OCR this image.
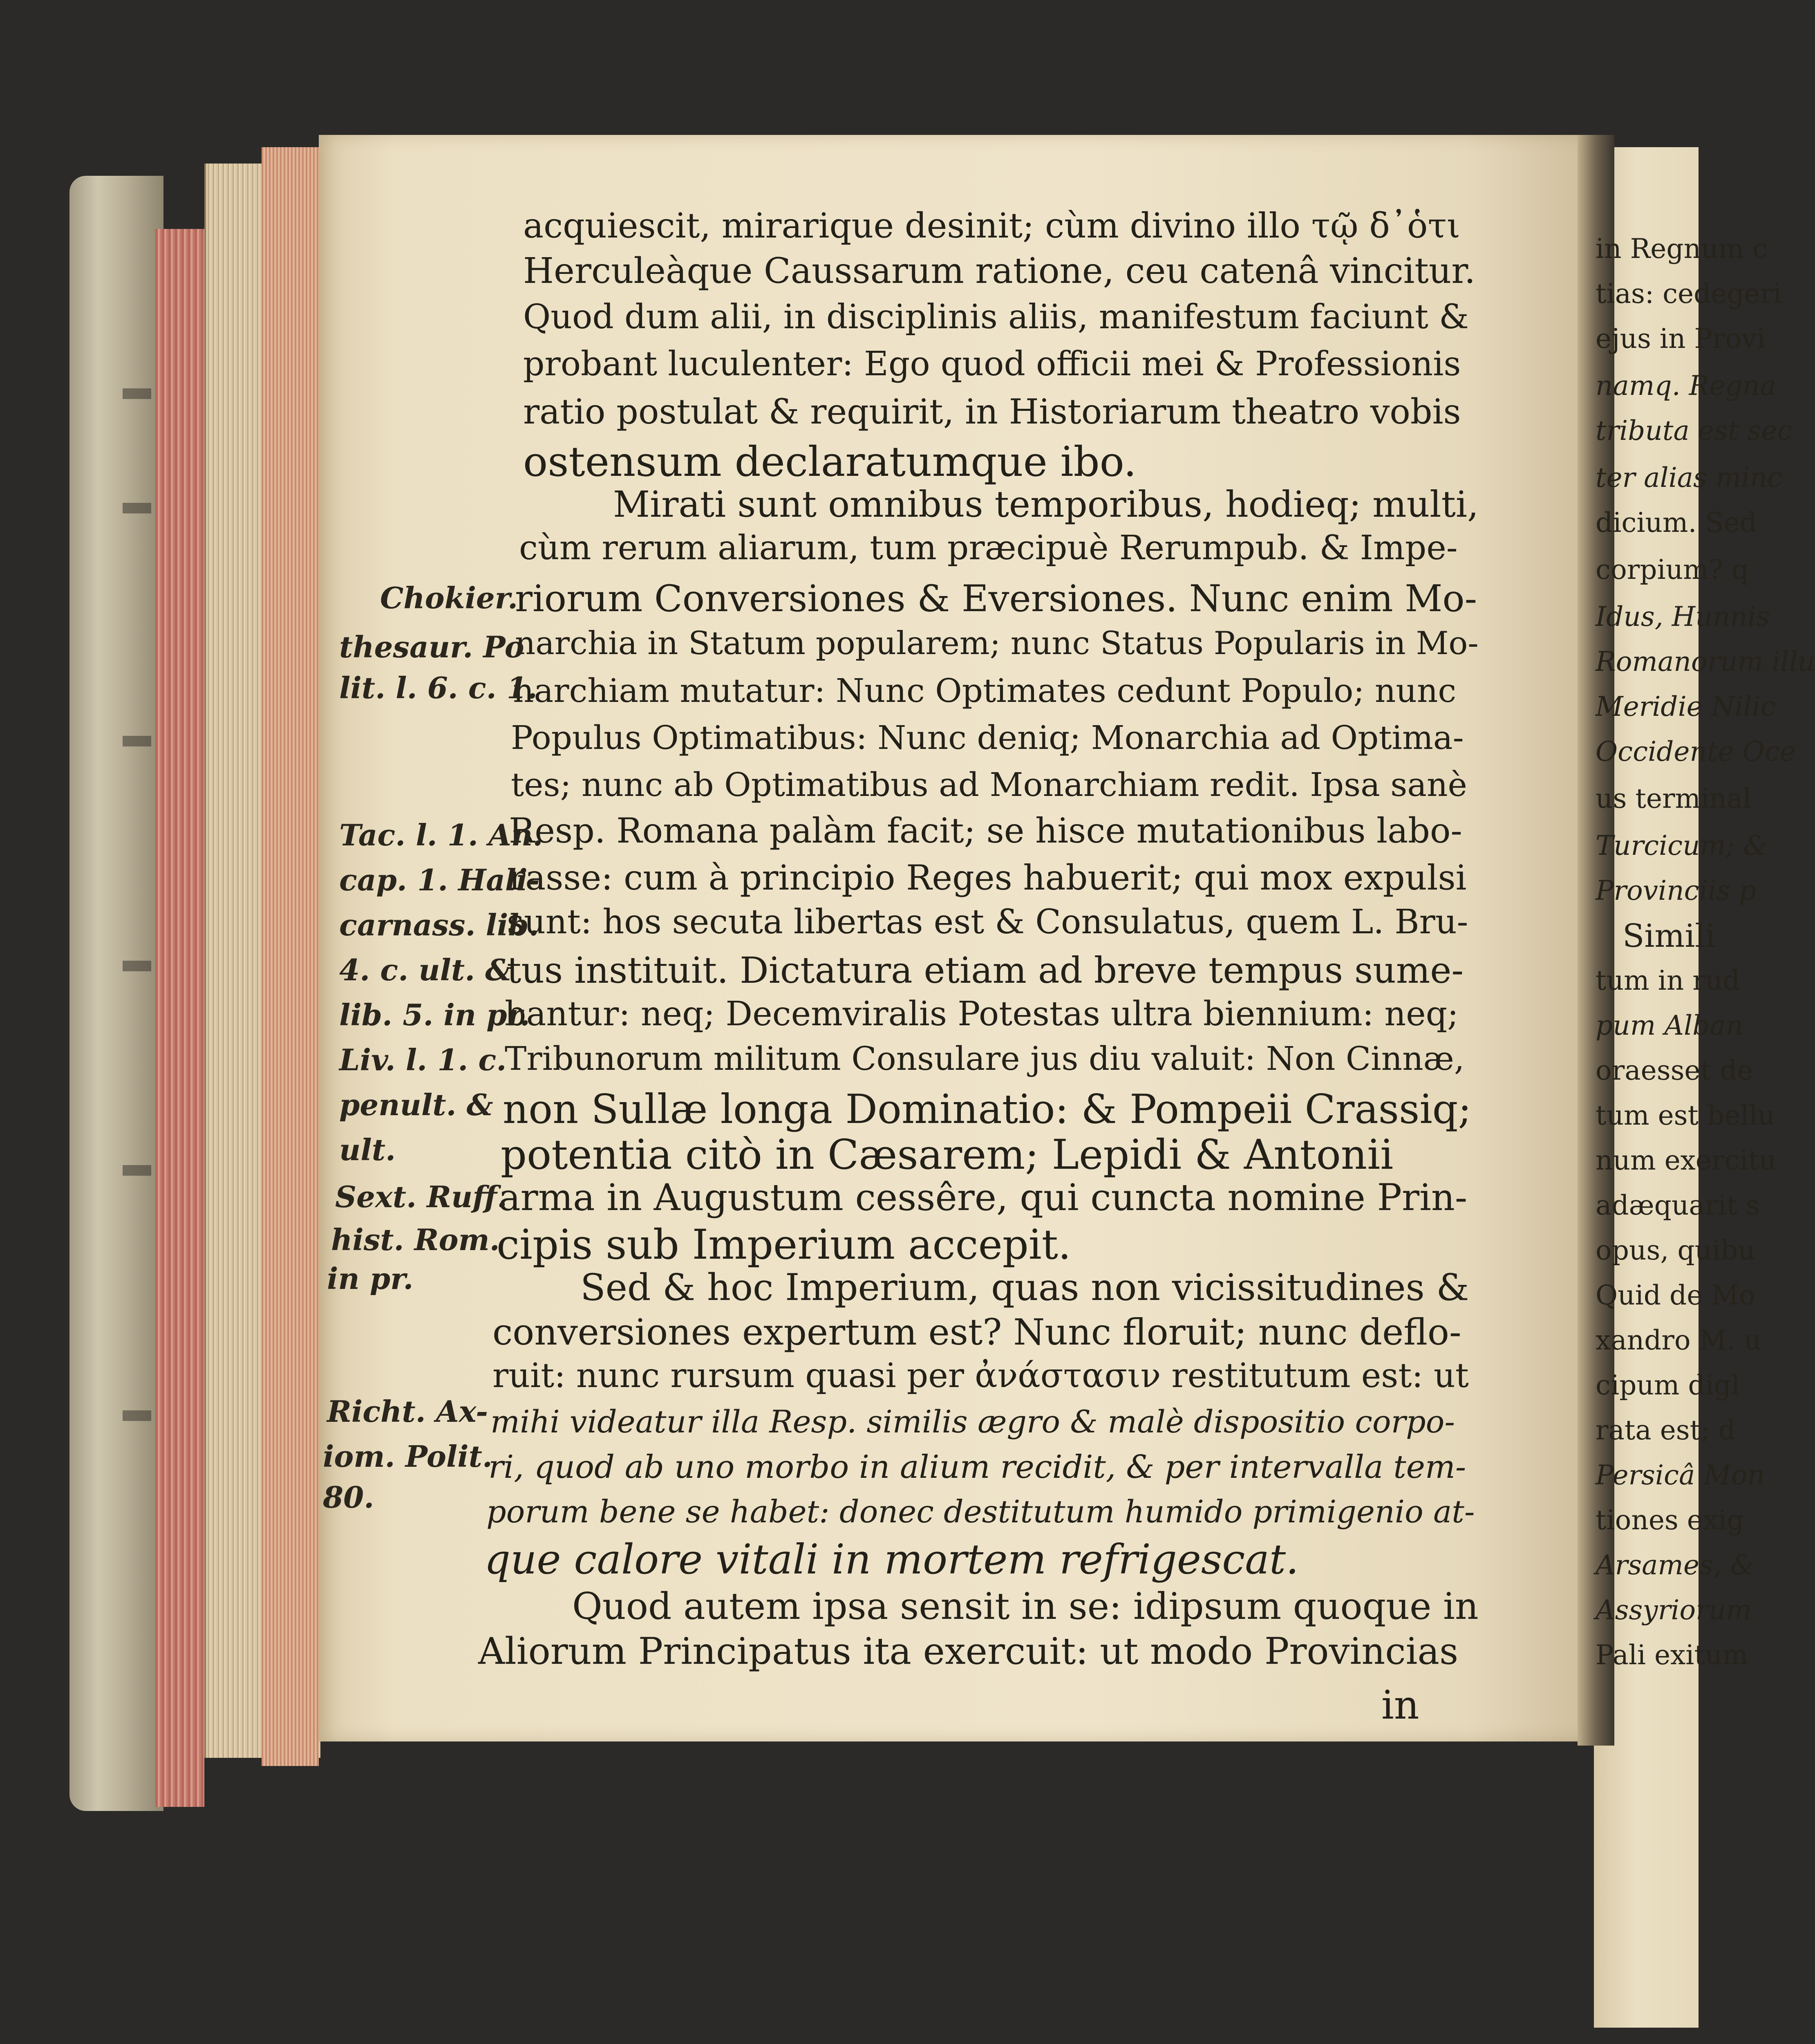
acquiescit, mirarique desinit; cùm divino illo τῷ δ᾽ὁτι
Herculeàque Caussarum ratione, ceu catenâ vincitur.
Quod dum alii, in disciplinis aliis, manifestum faciunt &
probant luculenter: Ego quod officii mei & Professionis
ratio postulat & requirit, in Historiarum theatro vobis
ostensum declaratumque ibo.
Mirati sunt omnibus temporibus, hodieq; multi,
cùm rerum aliarum, tum præcipuè Rerumpub. & Impe-
riorum Conversiones & Eversiones. Nunc enim Mo-
narchia in Statum popularem; nunc Status Popularis in Mo-
narchiam mutatur: Nunc Optimates cedunt Populo; nunc
Populus Optimatibus: Nunc deniq; Monarchia ad Optima-
tes; nunc ab Optimatibus ad Monarchiam redit. Ipsa sanè
Resp. Romana palàm facit; se hisce mutationibus labo-
rasse: cum à principio Reges habuerit; qui mox expulsi
sunt: hos secuta libertas est & Consulatus, quem L. Bru-
tus instituit. Dictatura etiam ad breve tempus sume-
bantur: neq; Decemviralis Potestas ultra biennium: neq;
Tribunorum militum Consulare jus diu valuit: Non Cinnæ,
non Sullæ longa Dominatio: & Pompeii Crassiq;
potentia citò in Cæsarem; Lepidi & Antonii
arma in Augustum cessêre, qui cuncta nomine Prin-
cipis sub Imperium accepit.
Sed & hoc Imperium, quas non vicissitudines &
conversiones expertum est? Nunc floruit; nunc deflo-
ruit: nunc rursum quasi per ἀνάστασιν restitutum est: ut
mihi videatur illa Resp. similis ægro & malè dispositio corpo-
ri, quod ab uno morbo in alium recidit, & per intervalla tem-
porum bene se habet: donec destitutum humido primigenio at-
que calore vitali in mortem refrigescat.
Quod autem ipsa sensit in se: idipsum quoque in
Aliorum Principatus ita exercuit: ut modo Provincias
in
Chokier.
thesaur. Po
lit. l. 6. c. 1.
Tac. l. 1. An.
cap. 1. Hali-
carnass. lib.
4. c. ult. &
lib. 5. in pr.
Liv. l. 1. c.
penult. &
ult.
Sext. Ruff.
hist. Rom.
in pr.
Richt. Ax-
iom. Polit.
80.
in Regnum c
tias: cedegeri
ejus in Provi
namq. Regna
tributa est sec
ter alias minc
dicium. Sed
corpium? q
Idus, Hunnis
Romanorum illu
Meridie Nilic
Occidente Oce
us terminal
Turcicum; &
Provinciis p
Simili
tum in rud
pum Alban
oraesset de
tum est bellu
num exercitu
adæquarit s
opus, quibu
Quid de Mo
xandro M. u
cipum digl
rata est; d
Persicâ Mon
tiones exig
Arsames, &
Assyriorum
Pali exitum
